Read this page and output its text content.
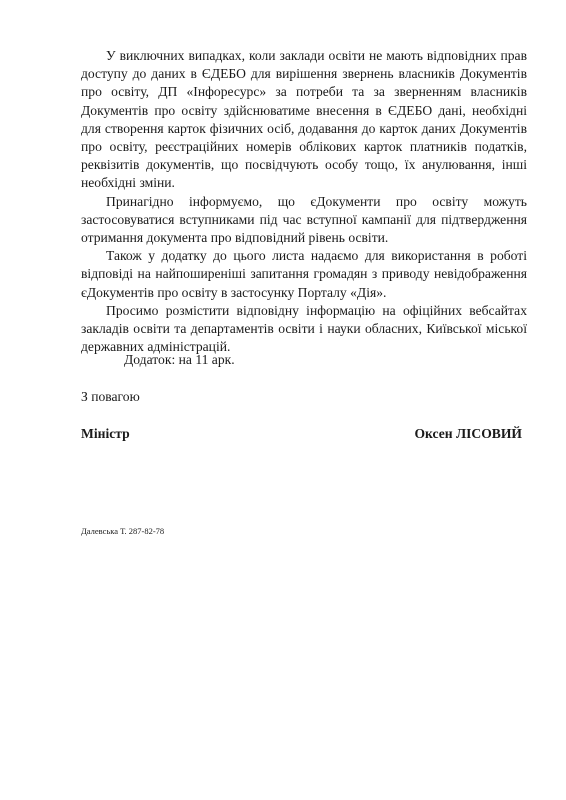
У виключних випадках, коли заклади освіти не мають відповідних прав доступу до даних в ЄДЕБО для вирішення звернень власників Документів про освіту, ДП «Інфоресурс» за потреби та за зверненням власників Документів про освіту здійснюватиме внесення в ЄДЕБО дані, необхідні для створення карток фізичних осіб, додавання до карток даних Документів про освіту, реєстраційних номерів облікових карток платників податків, реквізитів документів, що посвідчують особу тощо, їх анулювання, інші необхідні зміни.

Принагідно інформуємо, що єДокументи про освіту можуть застосовуватися вступниками під час вступної кампанії для підтвердження отримання документа про відповідний рівень освіти.

Також у додатку до цього листа надаємо для використання в роботі відповіді на найпоширеніші запитання громадян з приводу невідображення єДокументів про освіту в застосунку Порталу «Дія».

Просимо розмістити відповідну інформацію на офіційних вебсайтах закладів освіти та департаментів освіти і науки обласних, Київської міської державних адміністрацій.

Додаток: на 11 арк.
З повагою
Міністр	Оксен ЛІСОВИЙ
Далевська Т. 287-82-78
